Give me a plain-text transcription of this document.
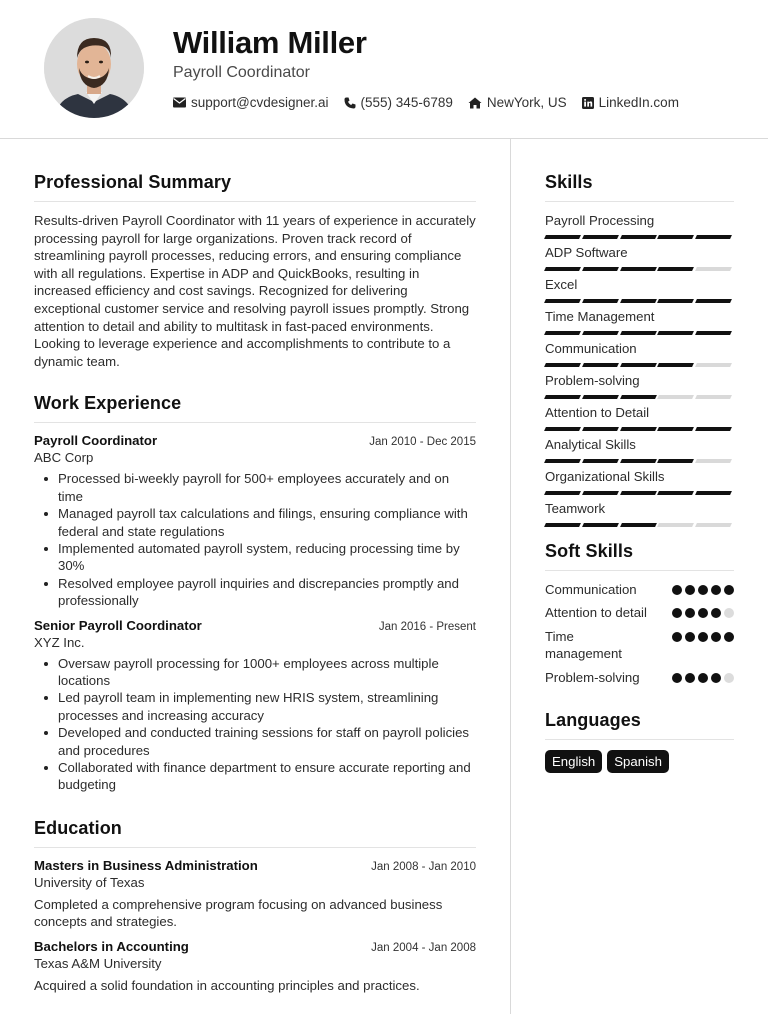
William Miller
Payroll Coordinator
support@cvdesigner.ai (555) 345-6789	NewYork, US LinkedIn.com
Professional Summary
Results-driven Payroll Coordinator with 11 years of experience in accurately processing payroll for large organizations. Proven track record of streamlining payroll processes, reducing errors, and ensuring compliance with all regulations. Expertise in ADP and QuickBooks, resulting in increased efficiency and cost savings. Recognized for delivering exceptional customer service and resolving payroll issues promptly. Strong attention to detail and ability to multitask in fast-paced environments. Looking to leverage experience and accomplishments to contribute to a dynamic team.
Work Experience
Payroll Coordinator	Jan 2010 - Dec 2015
ABC Corp
Processed bi-weekly payroll for 500+ employees accurately and on time
Managed payroll tax calculations and filings, ensuring compliance with federal and state regulations
Implemented automated payroll system, reducing processing time by 30%
Resolved employee payroll inquiries and discrepancies promptly and professionally
Senior Payroll Coordinator	Jan 2016 - Present
XYZ Inc.
Oversaw payroll processing for 1000+ employees across multiple locations
Led payroll team in implementing new HRIS system, streamlining processes and increasing accuracy
Developed and conducted training sessions for staff on payroll policies and procedures
Collaborated with finance department to ensure accurate reporting and budgeting
Education
Masters in Business Administration	Jan 2008 - Jan 2010
University of Texas
Completed a comprehensive program focusing on advanced business concepts and strategies.
Bachelors in Accounting	Jan 2004 - Jan 2008
Texas A&M University
Acquired a solid foundation in accounting principles and practices.
Skills
Payroll Processing
ADP Software
Excel
Time Management
Communication
Problem-solving
Attention to Detail
Analytical Skills
Organizational Skills
Teamwork
Soft Skills
Communication
Attention to detail
Time management
Problem-solving
Languages
English	Spanish
